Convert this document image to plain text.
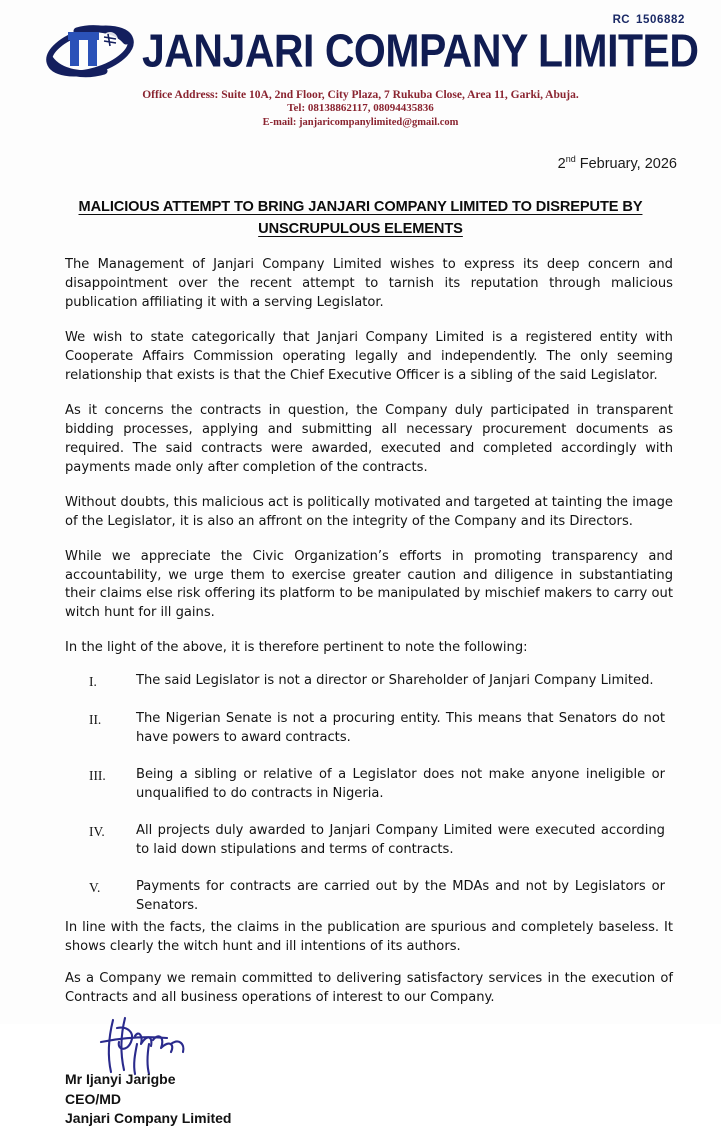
RC 1506882
JANJARI COMPANY LIMITED
Office Address: Suite 10A, 2nd Floor, City Plaza, 7 Rukuba Close, Area 11, Garki, Abuja.
Tel: 08138862117, 08094435836
E-mail: janjaricompanylimited@gmail.com
2nd February, 2026
MALICIOUS ATTEMPT TO BRING JANJARI COMPANY LIMITED TO DISREPUTE BY
UNSCRUPULOUS ELEMENTS

The Management of Janjari Company Limited wishes to express its deep concern and disappointment over the recent attempt to tarnish its reputation through malicious publication affiliating it with a serving Legislator.

We wish to state categorically that Janjari Company Limited is a registered entity with Cooperate Affairs Commission operating legally and independently. The only seeming relationship that exists is that the Chief Executive Officer is a sibling of the said Legislator.

As it concerns the contracts in question, the Company duly participated in transparent bidding processes, applying and submitting all necessary procurement documents as required. The said contracts were awarded, executed and completed accordingly with payments made only after completion of the contracts.

Without doubts, this malicious act is politically motivated and targeted at tainting the image of the Legislator, it is also an affront on the integrity of the Company and its Directors.

While we appreciate the Civic Organization’s efforts in promoting transparency and accountability, we urge them to exercise greater caution and diligence in substantiating their claims else risk offering its platform to be manipulated by mischief makers to carry out witch hunt for ill gains.

In the light of the above, it is therefore pertinent to note the following:

I.	The said Legislator is not a director or Shareholder of Janjari Company Limited.
II.	The Nigerian Senate is not a procuring entity. This means that Senators do not have powers to award contracts.
III.	Being a sibling or relative of a Legislator does not make anyone ineligible or unqualified to do contracts in Nigeria.
IV.	All projects duly awarded to Janjari Company Limited were executed according to laid down stipulations and terms of contracts.
V.	Payments for contracts are carried out by the MDAs and not by Legislators or Senators.

In line with the facts, the claims in the publication are spurious and completely baseless. It shows clearly the witch hunt and ill intentions of its authors.

As a Company we remain committed to delivering satisfactory services in the execution of Contracts and all business operations of interest to our Company.

Mr Ijanyi Jarigbe
CEO/MD
Janjari Company Limited
